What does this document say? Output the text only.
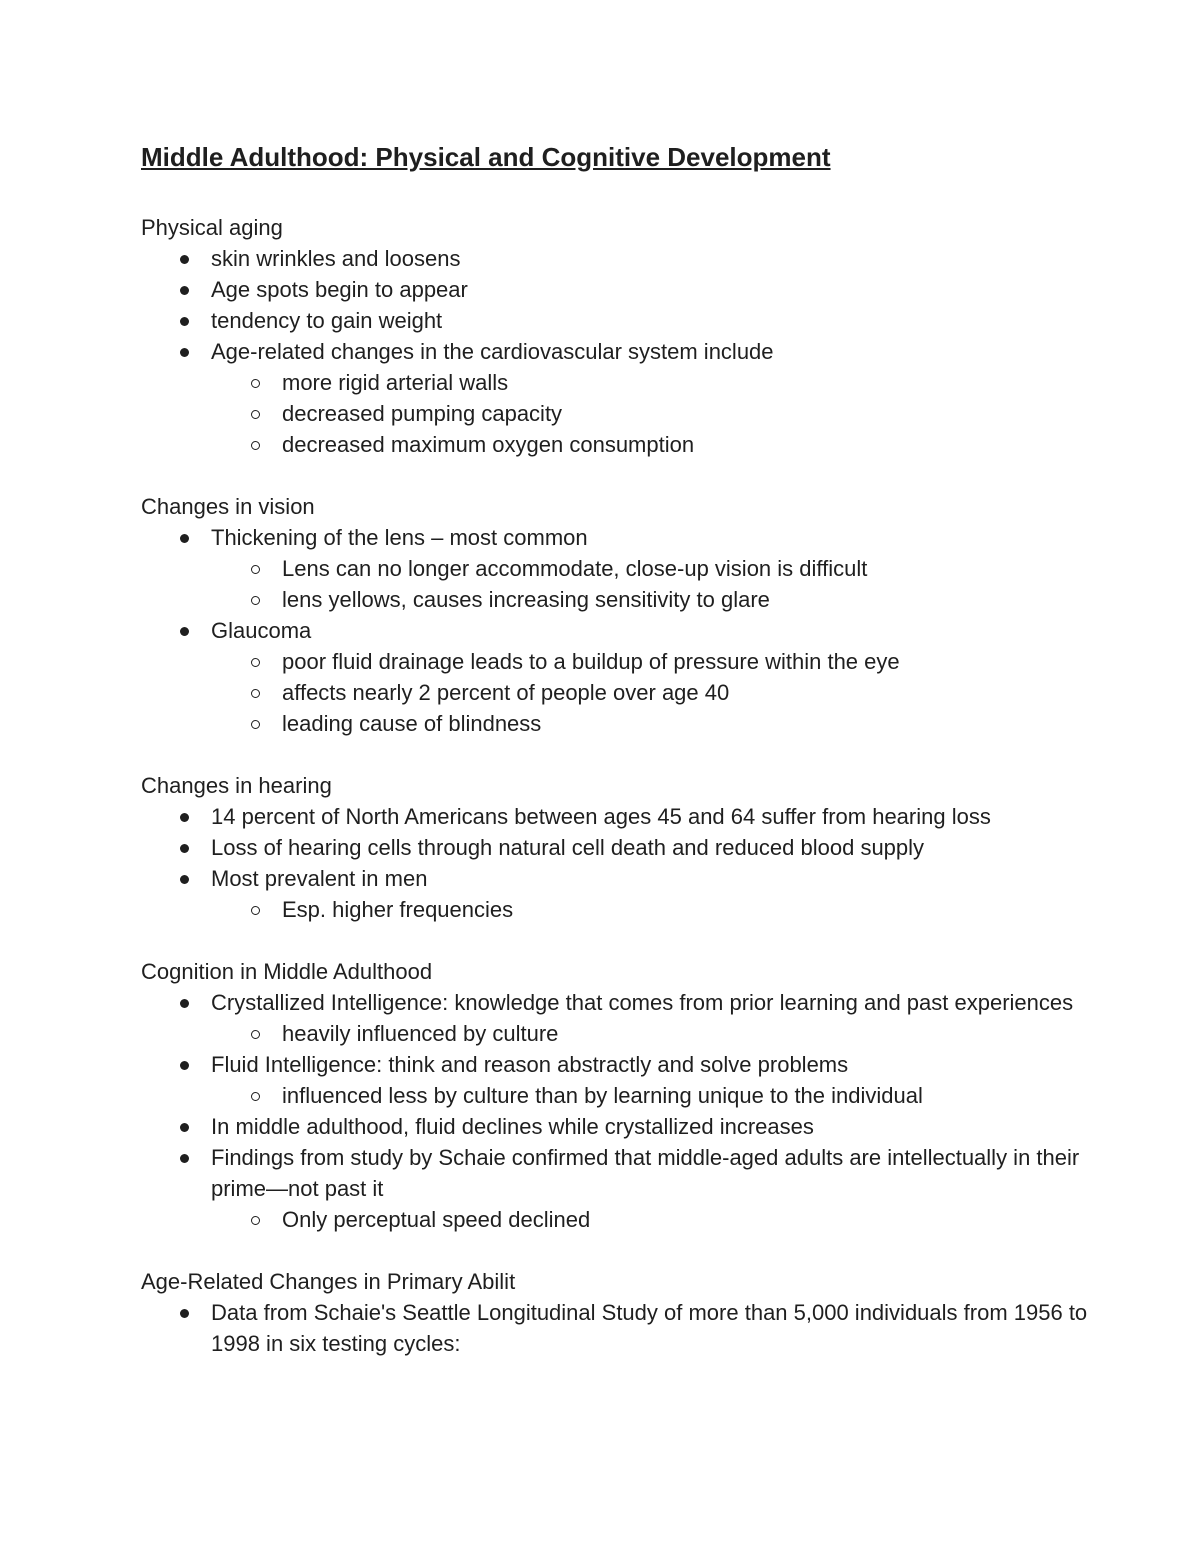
Middle Adulthood: Physical and Cognitive Development

Physical aging

skin wrinkles and loosens
Age spots begin to appear
tendency to gain weight
Age-related changes in the cardiovascular system include
more rigid arterial walls
decreased pumping capacity
decreased maximum oxygen consumption

Changes in vision

Thickening of the lens – most common
Lens can no longer accommodate, close-up vision is difficult
lens yellows, causes increasing sensitivity to glare
Glaucoma
poor fluid drainage leads to a buildup of pressure within the eye
affects nearly 2 percent of people over age 40
leading cause of blindness

Changes in hearing

14 percent of North Americans between ages 45 and 64 suffer from hearing loss
Loss of hearing cells through natural cell death and reduced blood supply
Most prevalent in men
Esp. higher frequencies

Cognition in Middle Adulthood

Crystallized Intelligence: knowledge that comes from prior learning and past experiences
heavily influenced by culture
Fluid Intelligence: think and reason abstractly and solve problems
influenced less by culture than by learning unique to the individual
In middle adulthood, fluid declines while crystallized increases
Findings from study by Schaie confirmed that middle-aged adults are intellectually in their prime—not past it
Only perceptual speed declined

Age-Related Changes in Primary Abilit

Data from Schaie's Seattle Longitudinal Study of more than 5,000 individuals from 1956 to 1998 in six testing cycles:
